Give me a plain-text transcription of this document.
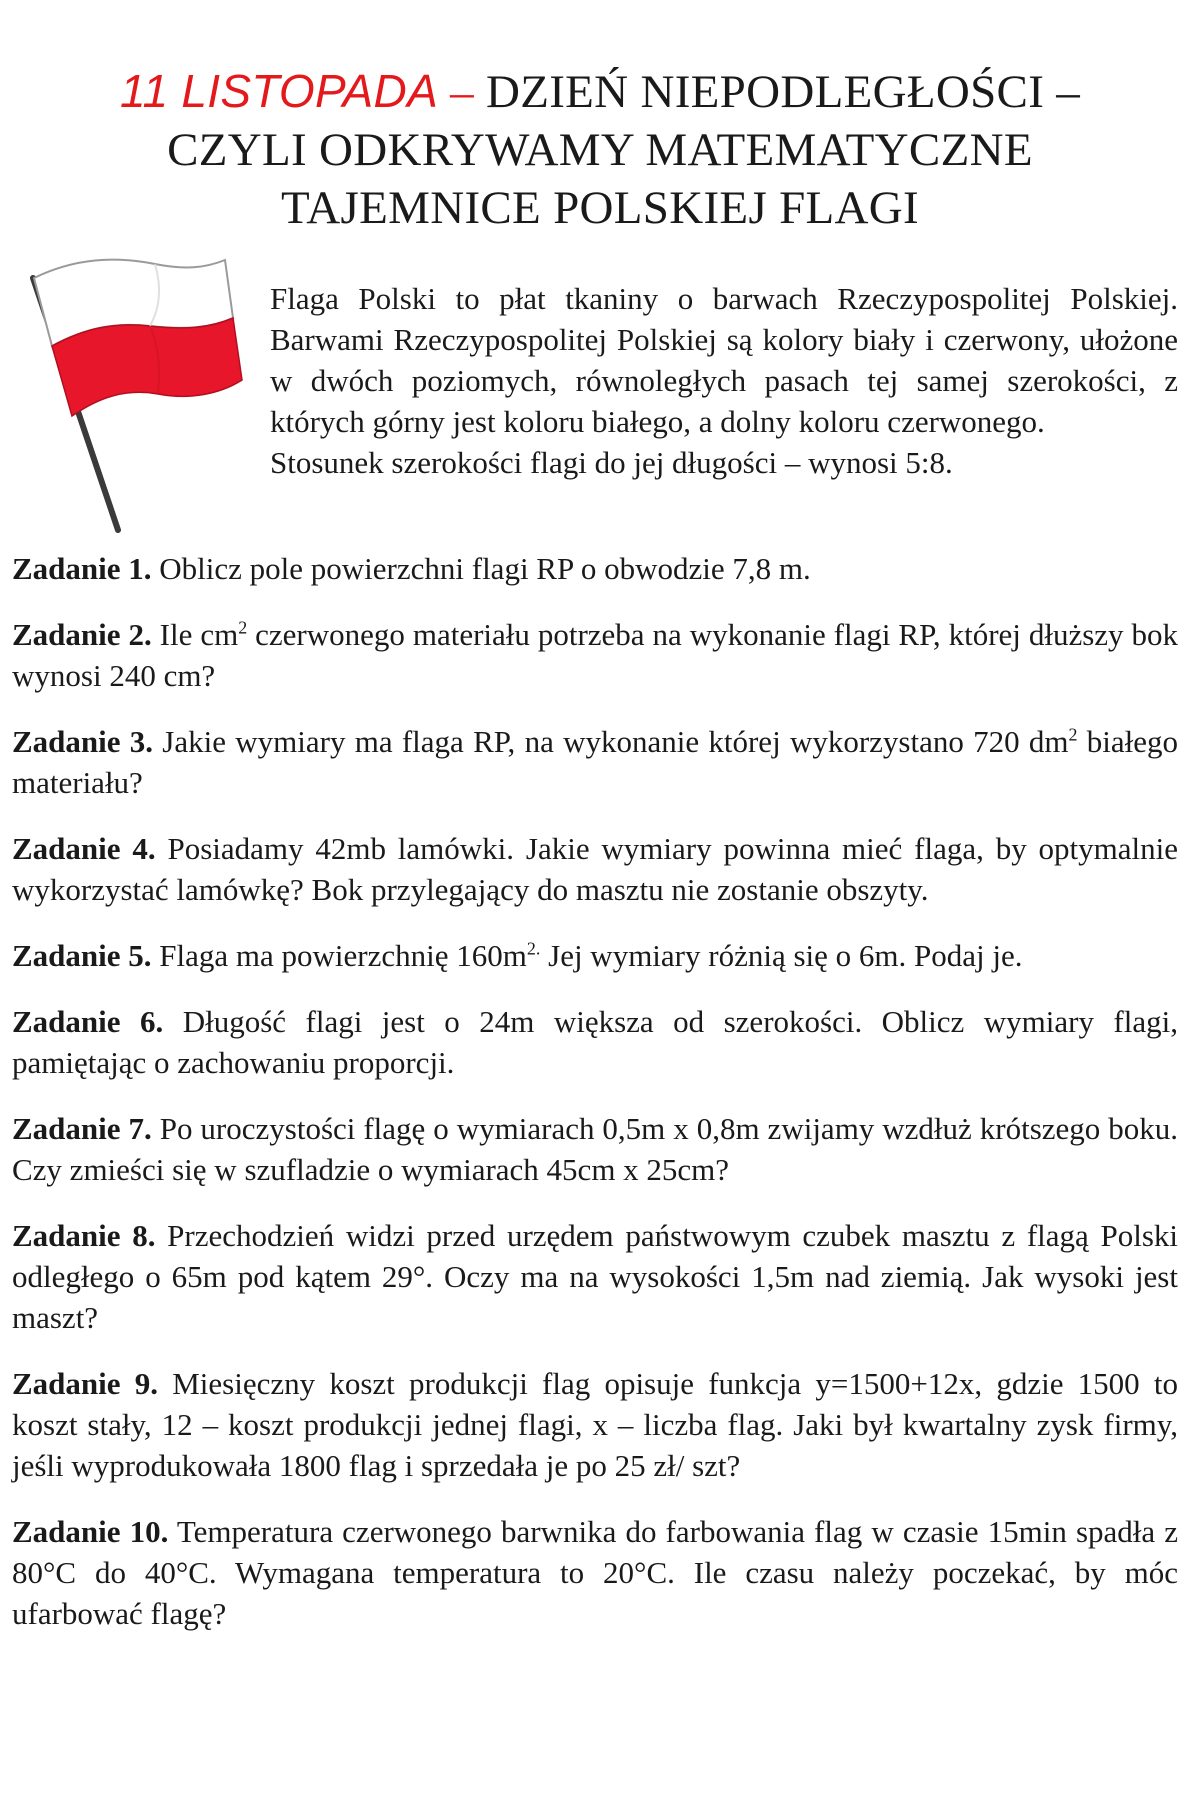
11 LISTOPADA – DZIEŃ NIEPODLEGŁOŚCI –
CZYLI ODKRYWAMY MATEMATYCZNE
TAJEMNICE POLSKIEJ FLAGI

Flaga Polski to płat tkaniny o barwach Rzeczypospolitej Polskiej. Barwami Rzeczypospolitej Polskiej są kolory biały i czerwony, ułożone w dwóch poziomych, równoległych pasach tej samej szerokości, z których górny jest koloru białego, a dolny koloru czerwonego.

Stosunek szerokości flagi do jej długości – wynosi 5:8.

Zadanie 1. Oblicz pole powierzchni flagi RP o obwodzie 7,8 m.

Zadanie 2. Ile $cm^2$ czerwonego materiału potrzeba na wykonanie flagi RP, której dłuższy bok wynosi 240 cm?

Zadanie 3. Jakie wymiary ma flaga RP, na wykonanie której wykorzystano 720 $dm^2$ białego materiału?

Zadanie 4. Posiadamy 42mb lamówki. Jakie wymiary powinna mieć flaga, by optymalnie wykorzystać lamówkę? Bok przylegający do masztu nie zostanie obszyty.

Zadanie 5. Flaga ma powierzchnię $160m^{2.}$ Jej wymiary różnią się o 6m. Podaj je.

Zadanie 6. Długość flagi jest o 24m większa od szerokości. Oblicz wymiary flagi, pamiętając o zachowaniu proporcji.

Zadanie 7. Po uroczystości flagę o wymiarach 0,5m x 0,8m zwijamy wzdłuż krótszego boku. Czy zmieści się w szufladzie o wymiarach 45cm x 25cm?

Zadanie 8. Przechodzień widzi przed urzędem państwowym czubek masztu z flagą Polski odległego o 65m pod kątem 29°. Oczy ma na wysokości 1,5m nad ziemią. Jak wysoki jest maszt?

Zadanie 9. Miesięczny koszt produkcji flag opisuje funkcja y=1500+12x, gdzie 1500 to koszt stały, 12 – koszt produkcji jednej flagi, x – liczba flag. Jaki był kwartalny zysk firmy, jeśli wyprodukowała 1800 flag i sprzedała je po 25 zł/ szt?

Zadanie 10. Temperatura czerwonego barwnika do farbowania flag w czasie 15min spadła z 80°C do 40°C. Wymagana temperatura to 20°C. Ile czasu należy poczekać, by móc ufarbować flagę?
